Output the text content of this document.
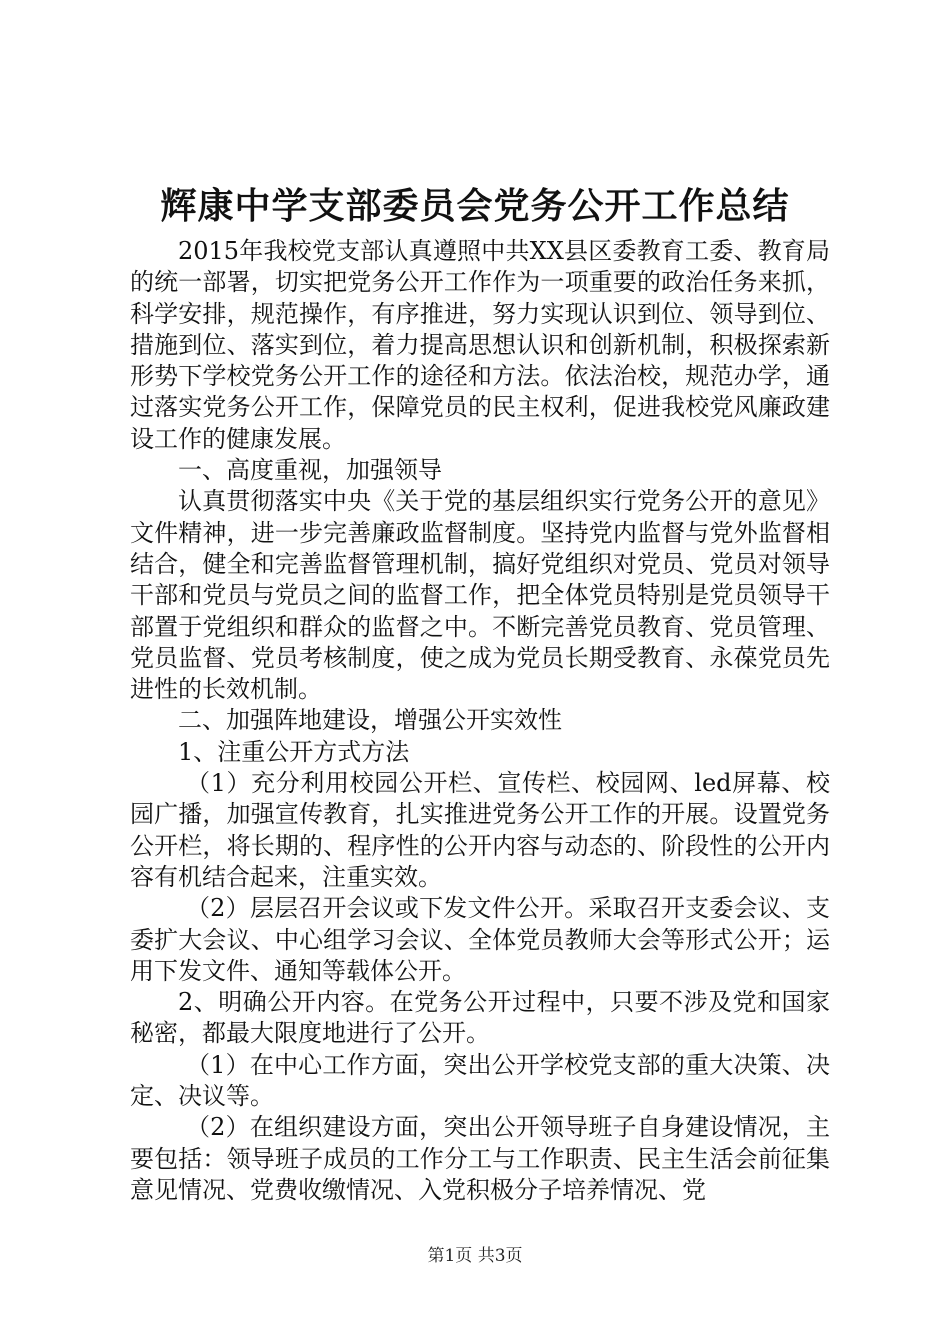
辉康中学支部委员会党务公开工作总结

2015年我校党支部认真遵照中共XX县区委教育工委、教育局的统一部署，切实把党务公开工作作为一项重要的政治任务来抓，科学安排，规范操作，有序推进，努力实现认识到位、领导到位、措施到位、落实到位，着力提高思想认识和创新机制，积极探索新形势下学校党务公开工作的途径和方法。依法治校，规范办学，通过落实党务公开工作，保障党员的民主权利，促进我校党风廉政建设工作的健康发展。

一、高度重视，加强领导

认真贯彻落实中央《关于党的基层组织实行党务公开的意见》文件精神，进一步完善廉政监督制度。坚持党内监督与党外监督相结合，健全和完善监督管理机制，搞好党组织对党员、党员对领导干部和党员与党员之间的监督工作，把全体党员特别是党员领导干部置于党组织和群众的监督之中。不断完善党员教育、党员管理、党员监督、党员考核制度，使之成为党员长期受教育、永葆党员先进性的长效机制。

二、加强阵地建设，增强公开实效性

1、注重公开方式方法

（1）充分利用校园公开栏、宣传栏、校园网、led屏幕、校园广播，加强宣传教育，扎实推进党务公开工作的开展。设置党务公开栏，将长期的、程序性的公开内容与动态的、阶段性的公开内容有机结合起来，注重实效。

（2）层层召开会议或下发文件公开。采取召开支委会议、支委扩大会议、中心组学习会议、全体党员教师大会等形式公开；运用下发文件、通知等载体公开。

2、明确公开内容。在党务公开过程中，只要不涉及党和国家秘密，都最大限度地进行了公开。

（1）在中心工作方面，突出公开学校党支部的重大决策、决定、决议等。

（2）在组织建设方面，突出公开领导班子自身建设情况，主要包括：领导班子成员的工作分工与工作职责、民主生活会前征集意见情况、党费收缴情况、入党积极分子培养情况、党

第1页 共3页
